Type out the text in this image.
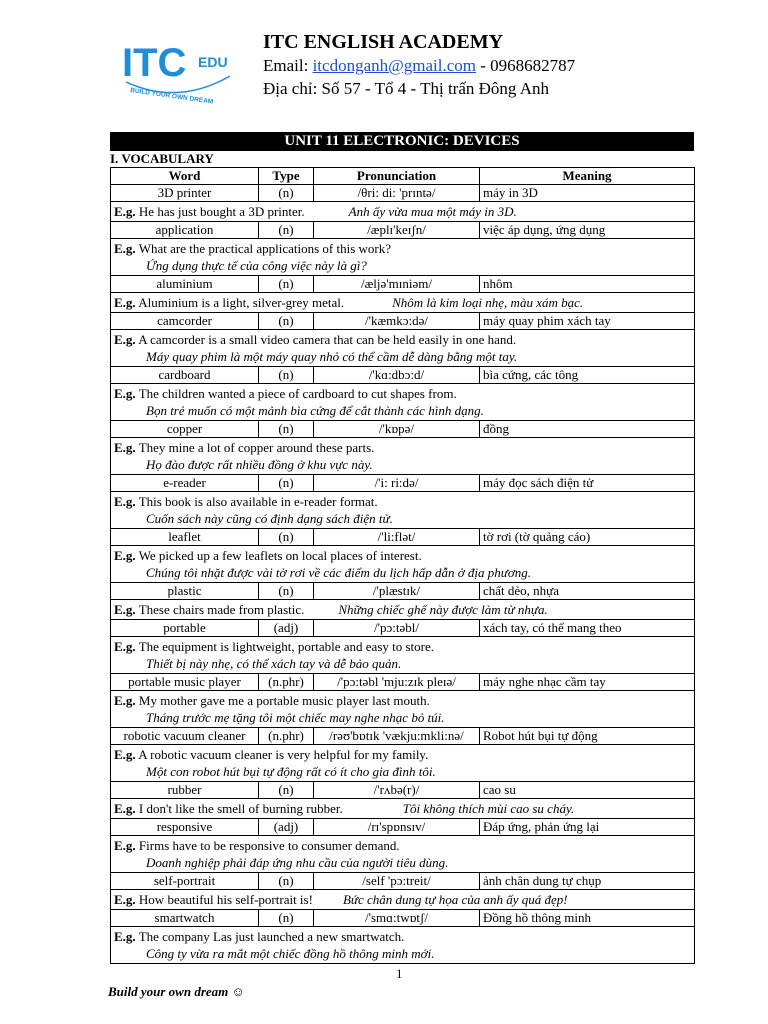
ITC EDU
BUILD YOUR OWN DREAM
ITC ENGLISH ACADEMY
Email: itcdonganh@gmail.com - 0968682787
Địa chỉ: Số 57 - Tổ 4 - Thị trấn Đông Anh
UNIT 11 ELECTRONIC: DEVICES
I. VOCABULARY
Word	Type	Pronunciation	Meaning
3D printer	(n)	/θri: di: 'prɪntə/	máy in 3D
E.g. He has just bought a 3D printer. Anh ấy vừa mua một máy in 3D.			
application	(n)	/æplɪ'keɪʃn/	việc áp dụng, ứng dụng
E.g. What are the practical applications of this work?
Ứng dụng thực tế của công việc này là gì?			

aluminium	(n)	/æljə'mɪniəm/	nhôm
E.g. Aluminium is a light, silver-grey metal. Nhôm là kim loại nhẹ, màu xám bạc.			
camcorder	(n)	/'kæmkɔ:də/	máy quay phim xách tay
E.g. A camcorder is a small video camera that can be held easily in one hand.
Máy quay phim là một máy quay nhỏ có thể cầm dễ dàng bằng một tay.			

cardboard	(n)	/'kɑ:dbɔ:d/	bìa cứng, các tông
E.g. The children wanted a piece of cardboard to cut shapes from.
Bọn trẻ muốn có một mảnh bìa cứng để cắt thành các hình dạng.			

copper	(n)	/'kɒpə/	đồng
E.g. They mine a lot of copper around these parts.
Họ đào được rất nhiều đồng ở khu vực này.			

e-reader	(n)	/'i: ri:də/	máy đọc sách điện tử
E.g. This book is also available in e-reader format.
Cuốn sách này cũng có định dạng sách điện tử.			

leaflet	(n)	/'li:flət/	tờ rơi (tờ quảng cáo)
E.g. We picked up a few leaflets on local places of interest.
Chúng tôi nhặt được vài tờ rơi về các điểm du lịch hấp dẫn ở địa phương.			

plastic	(n)	/'plæstɪk/	chất dẻo, nhựa
E.g. These chairs made from plastic. Những chiếc ghế này được làm từ nhựa.			
portable	(adj)	/'pɔ:təbl/	xách tay, có thể mang theo
E.g. The equipment is lightweight, portable and easy to store.
Thiết bị này nhẹ, có thể xách tay và dễ bảo quản.			

portable music player	(n.phr)	/'pɔ:təbl 'mju:zɪk pleɪə/	máy nghe nhạc cầm tay
E.g. My mother gave me a portable music player last mouth.
Tháng trước mẹ tặng tôi một chiếc may nghe nhạc bỏ túi.			

robotic vacuum cleaner	(n.phr)	/rəʊ'bɒtɪk 'vækju:mkli:nə/	Robot hút bụi tự động
E.g. A robotic vacuum cleaner is very helpful for my family.
Một con robot hút bụi tự động rất có ít cho gia đình tôi.			

rubber	(n)	/'rʌbə(r)/	cao su
E.g. I don't like the smell of burning rubber. Tôi không thích mùi cao su cháy.			
responsive	(adj)	/rɪ'spɒnsɪv/	Đáp ứng, phản ứng lại
E.g. Firms have to be responsive to consumer demand.
Doanh nghiệp phải đáp ứng nhu cầu của người tiêu dùng.			

self-portrait	(n)	/self 'pɔ:treit/	ảnh chân dung tự chụp
E.g. How beautiful his self-portrait is! Bức chân dung tự họa của anh ấy quá đẹp!			
smartwatch	(n)	/'smɑ:twɒtʃ/	Đồng hồ thông minh
E.g. The company Las just launched a new smartwatch.
Công ty vừa ra mắt một chiếc đồng hồ thông minh mới.			
1
Build your own dream ☺
